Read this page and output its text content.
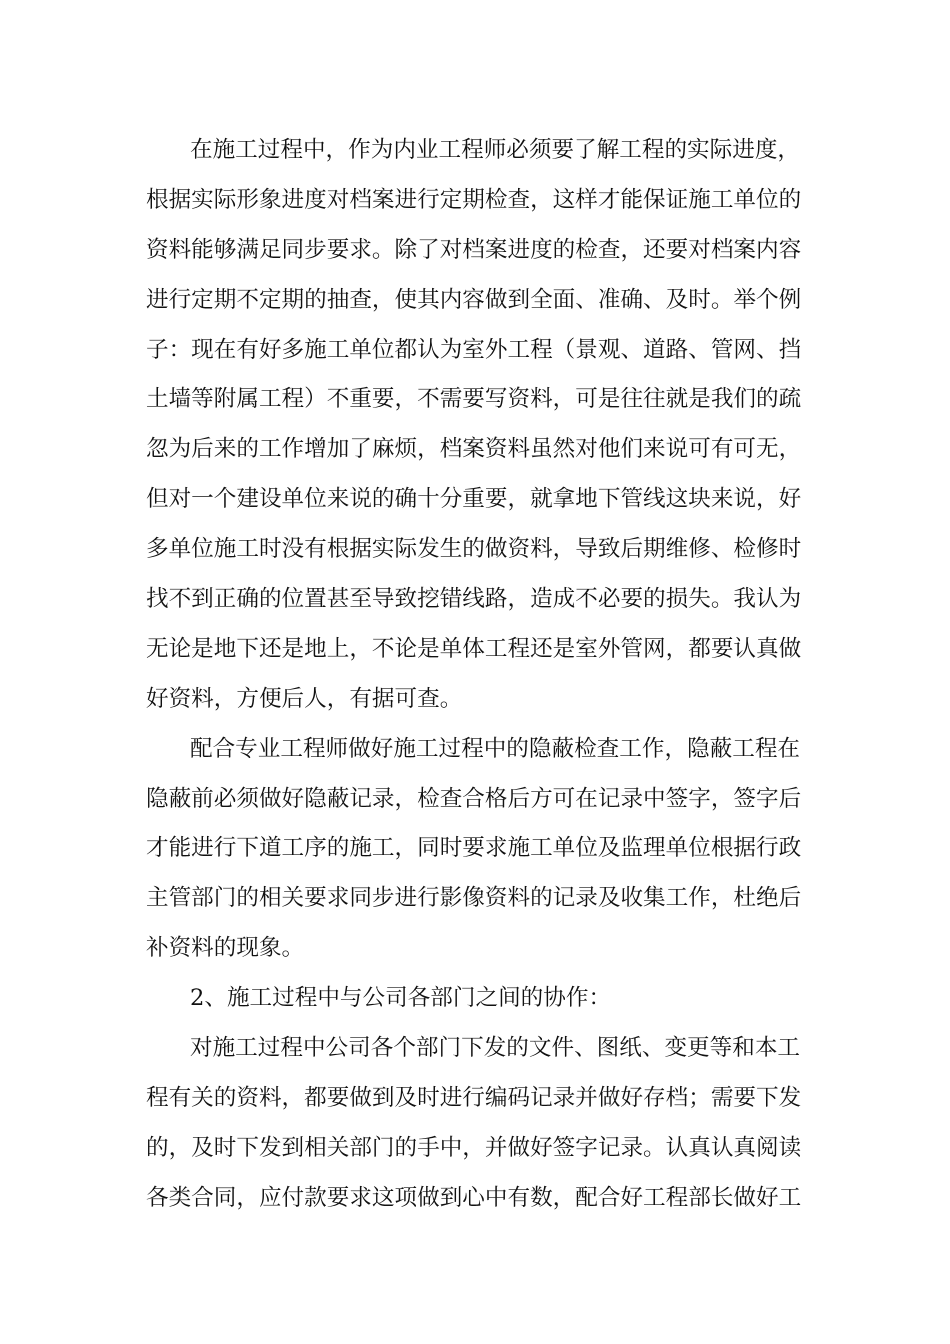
在施工过程中，作为内业工程师必须要了解工程的实际进度，
根据实际形象进度对档案进行定期检查，这样才能保证施工单位的
资料能够满足同步要求。除了对档案进度的检查，还要对档案内容
进行定期不定期的抽查，使其内容做到全面、准确、及时。举个例
子：现在有好多施工单位都认为室外工程（景观、道路、管网、挡
土墙等附属工程）不重要，不需要写资料，可是往往就是我们的疏
忽为后来的工作增加了麻烦，档案资料虽然对他们来说可有可无，
但对一个建设单位来说的确十分重要，就拿地下管线这块来说，好
多单位施工时没有根据实际发生的做资料，导致后期维修、检修时
找不到正确的位置甚至导致挖错线路，造成不必要的损失。我认为
无论是地下还是地上，不论是单体工程还是室外管网，都要认真做
好资料，方便后人，有据可查。
配合专业工程师做好施工过程中的隐蔽检查工作，隐蔽工程在
隐蔽前必须做好隐蔽记录，检查合格后方可在记录中签字，签字后
才能进行下道工序的施工，同时要求施工单位及监理单位根据行政
主管部门的相关要求同步进行影像资料的记录及收集工作，杜绝后
补资料的现象。
2、施工过程中与公司各部门之间的协作：
对施工过程中公司各个部门下发的文件、图纸、变更等和本工
程有关的资料，都要做到及时进行编码记录并做好存档；需要下发
的，及时下发到相关部门的手中，并做好签字记录。认真认真阅读
各类合同，应付款要求这项做到心中有数，配合好工程部长做好工
